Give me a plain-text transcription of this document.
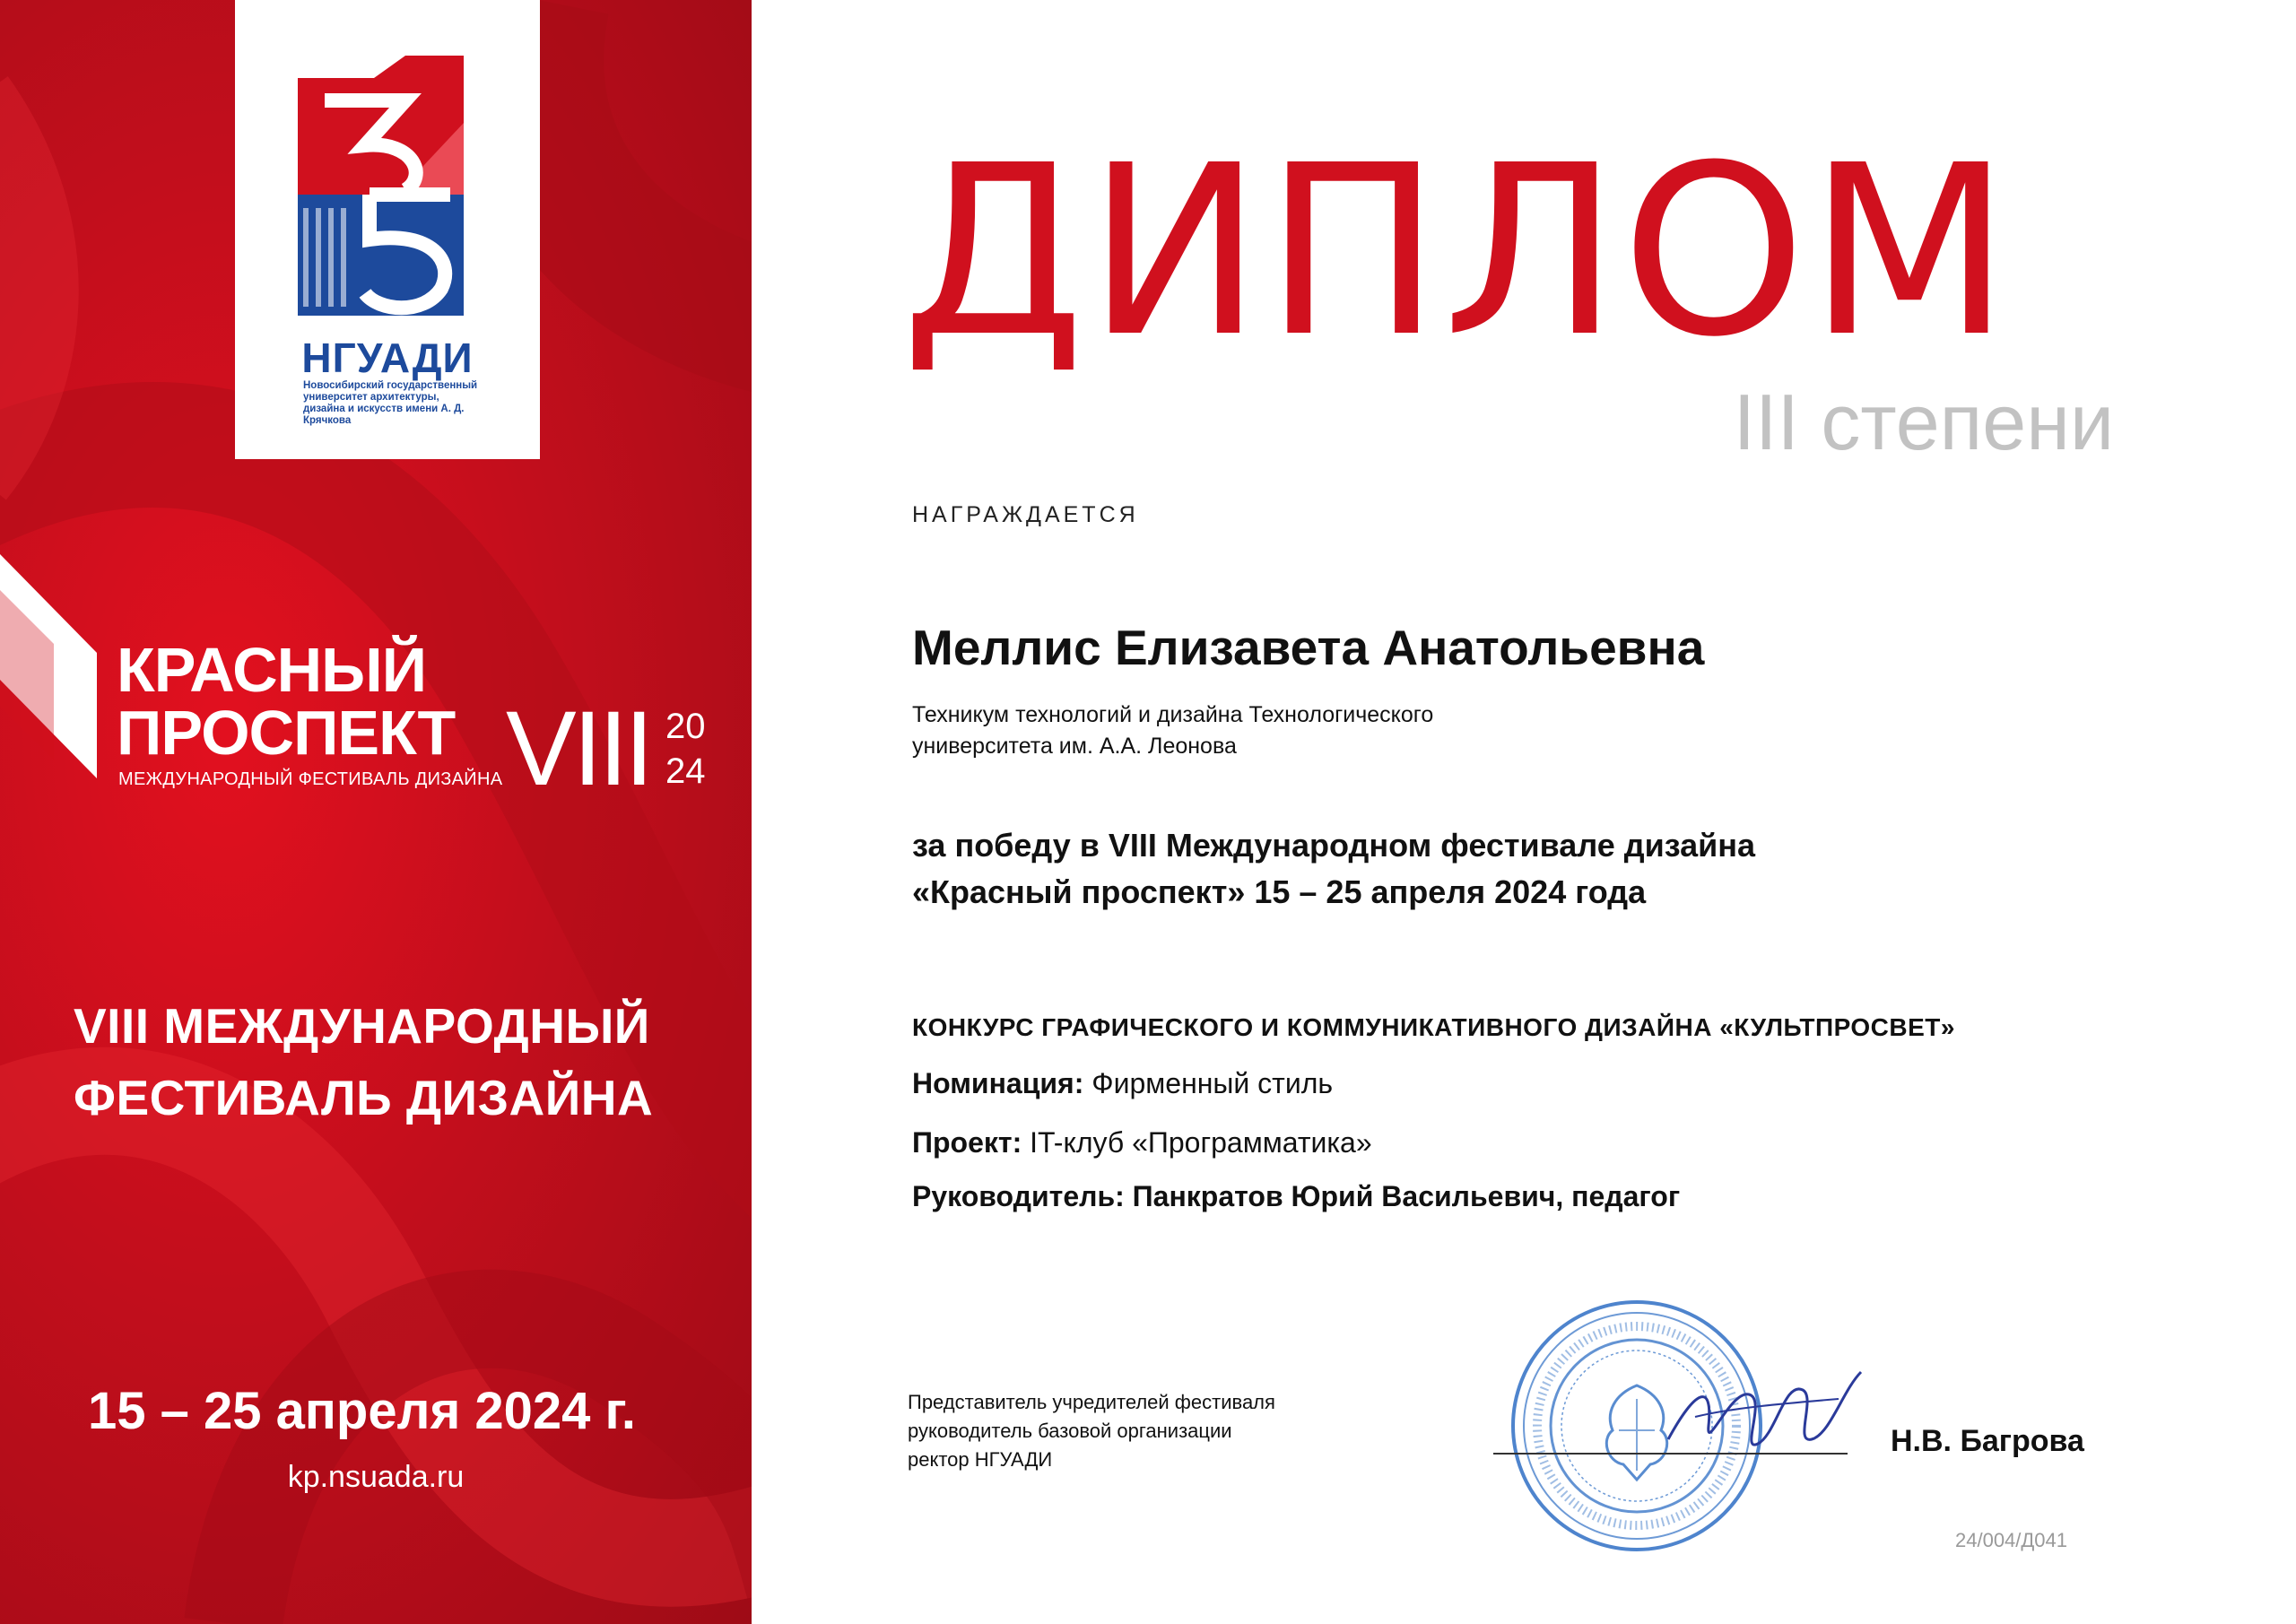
НГУАДИ
Новосибирский государственный университет архитектуры, дизайна и искусств имени А. Д. Крячкова
КРАСНЫЙ
ПРОСПЕКТ
МЕЖДУНАРОДНЫЙ ФЕСТИВАЛЬ ДИЗАЙНА VIII 20
24
VIII МЕЖДУНАРОДНЫЙ
ФЕСТИВАЛЬ ДИЗАЙНА
15 – 25 апреля 2024 г.
kp.nsuada.ru
ДИПЛОМ
III степени
НАГРАЖДАЕТСЯ
Меллис Елизавета Анатольевна
Техникум технологий и дизайна Технологического
университета им. А.А. Леонова
за победу в VIII Международном фестивале дизайна
«Красный проспект» 15 – 25 апреля 2024 года
КОНКУРС ГРАФИЧЕСКОГО И КОММУНИКАТИВНОГО ДИЗАЙНА «КУЛЬТПРОСВЕТ»
Номинация: Фирменный стиль
Проект: IT-клуб «Программатика»
Руководитель: Панкратов Юрий Васильевич, педагог
Представитель учредителей фестиваля
руководитель базовой организации
ректор НГУАДИ
Н.В. Багрова
24/004/Д041
